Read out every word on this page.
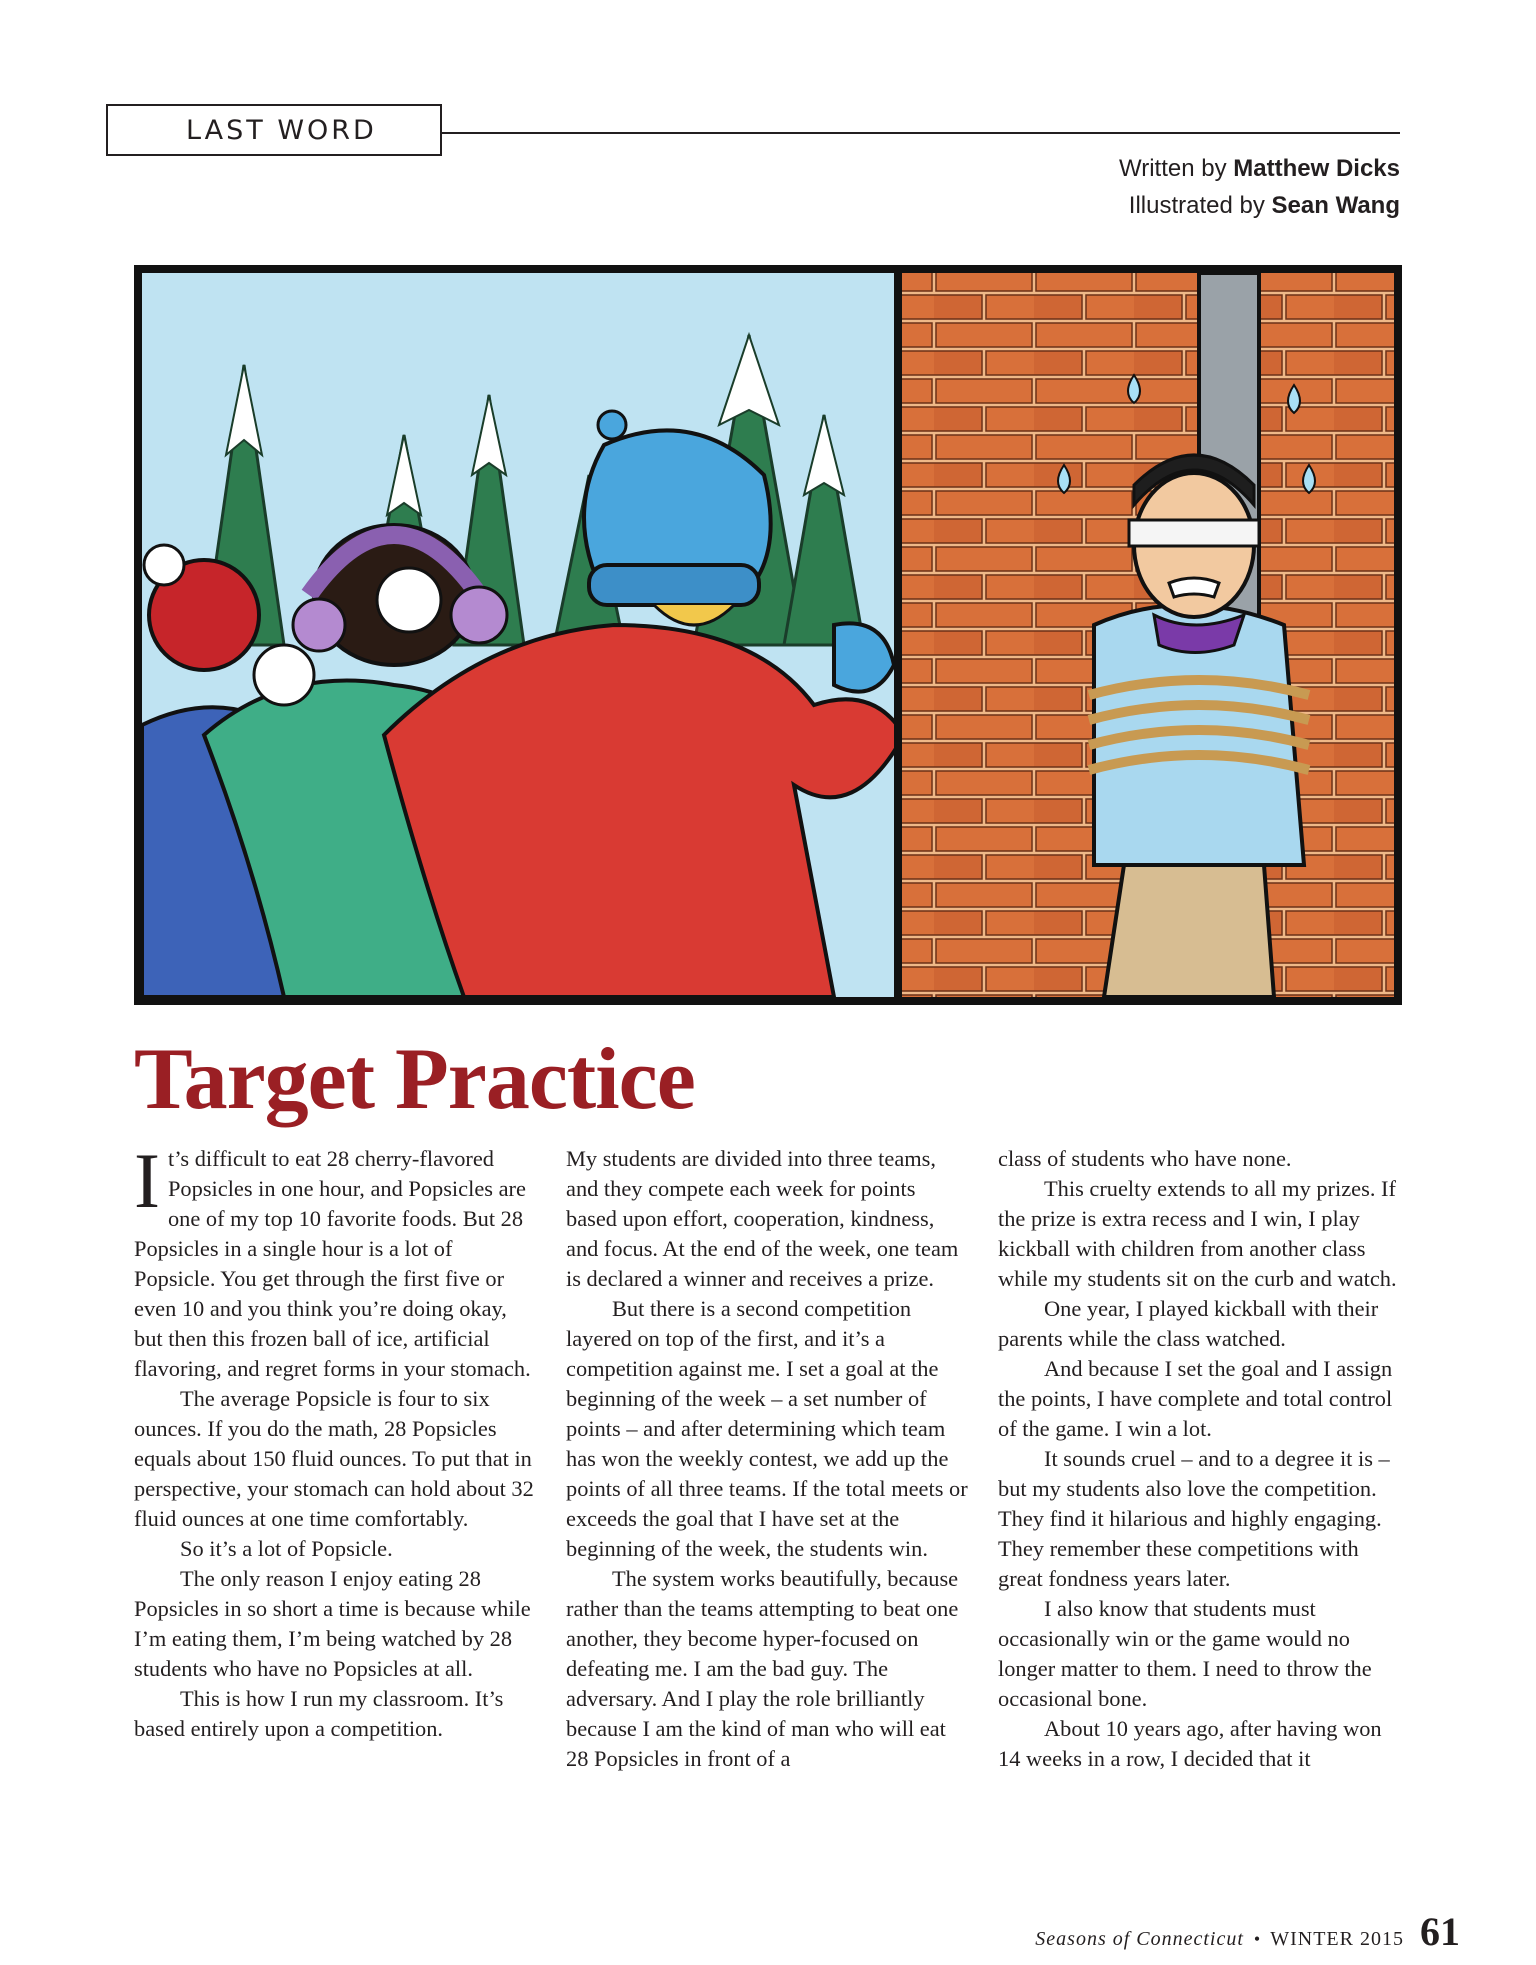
LAST WORD
Written by Matthew Dicks
Illustrated by Sean Wang
Target Practice

It’s difficult to eat 28 cherry-flavored Popsicles in one hour, and Popsicles are one of my top 10 favorite foods. But 28 Popsicles in a single hour is a lot of Popsicle. You get through the first five or even 10 and you think you’re doing okay, but then this frozen ball of ice, artificial flavoring, and regret forms in your stomach.

The average Popsicle is four to six ounces. If you do the math, 28 Popsicles equals about 150 fluid ounces. To put that in perspective, your stomach can hold about 32 fluid ounces at one time comfortably.

So it’s a lot of Popsicle.

The only reason I enjoy eating 28 Popsicles in so short a time is because while I’m eating them, I’m being watched by 28 students who have no Popsicles at all.

This is how I run my classroom. It’s based entirely upon a competition.

My students are divided into three teams, and they compete each week for points based upon effort, cooperation, kindness, and focus. At the end of the week, one team is declared a winner and receives a prize.

But there is a second competition layered on top of the first, and it’s a competition against me. I set a goal at the beginning of the week – a set number of points – and after determining which team has won the weekly contest, we add up the points of all three teams. If the total meets or exceeds the goal that I have set at the beginning of the week, the students win.

The system works beautifully, because rather than the teams attempting to beat one another, they become hyper-focused on defeating me. I am the bad guy. The adversary. And I play the role brilliantly because I am the kind of man who will eat 28 Popsicles in front of a

class of students who have none.

This cruelty extends to all my prizes. If the prize is extra recess and I win, I play kickball with children from another class while my students sit on the curb and watch.

One year, I played kickball with their parents while the class watched.

And because I set the goal and I assign the points, I have complete and total control of the game. I win a lot.

It sounds cruel – and to a degree it is – but my students also love the competition. They find it hilarious and highly engaging. They remember these competitions with great fondness years later.

I also know that students must occasionally win or the game would no longer matter to them. I need to throw the occasional bone.

About 10 years ago, after having won 14 weeks in a row, I decided that it

Seasons of Connecticut • WINTER 2015 61
